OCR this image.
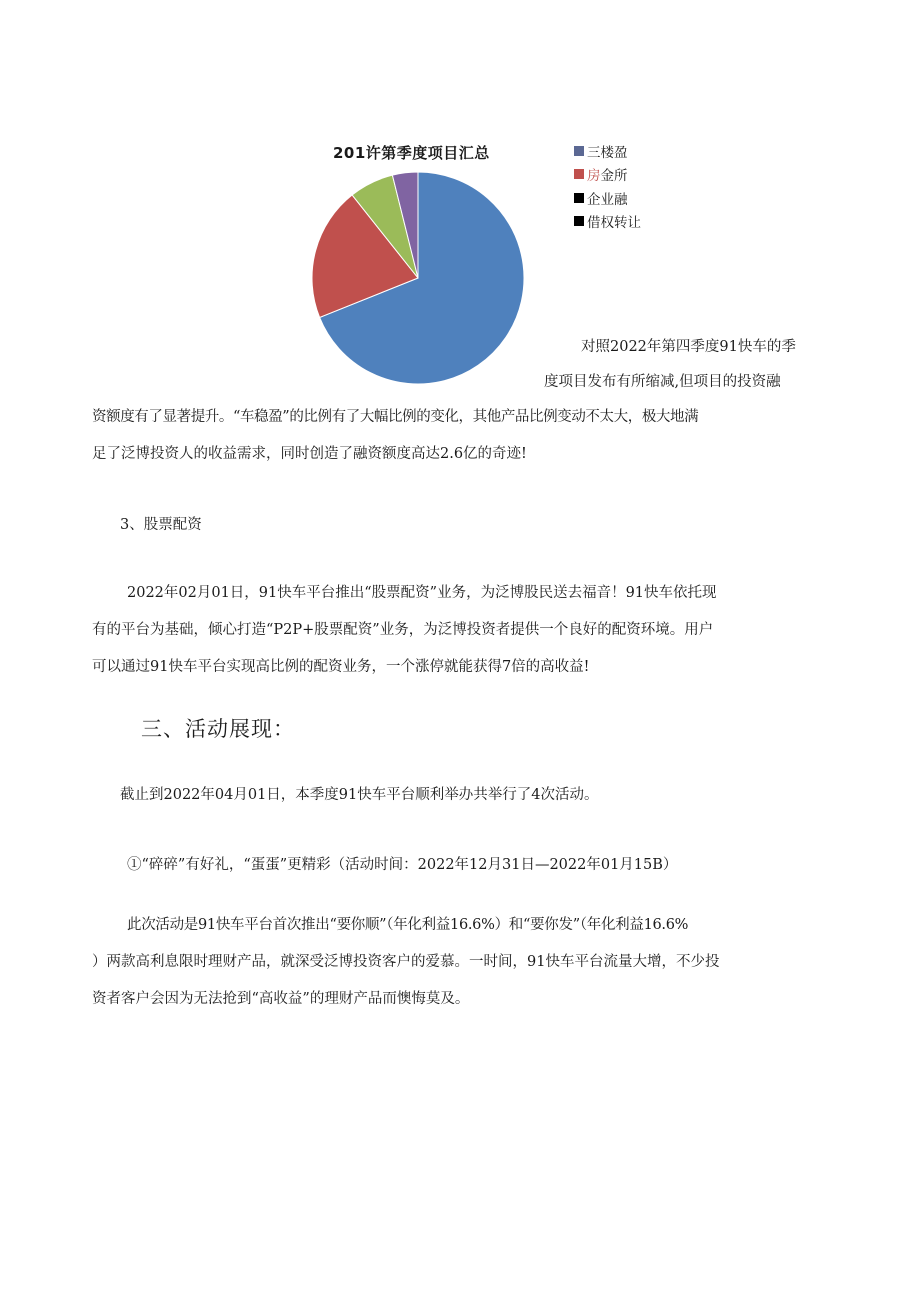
201许第季度项目汇总	三楼盈
房金所
企业融
借权转让
对照2022年第四季度91快车的季
度项目发布有所缩减,但项目的投资融
资额度有了显著提升。“车稳盈”的比例有了大幅比例的变化，其他产品比例变动不太大，极大地满
足了泛博投资人的收益需求，同时创造了融资额度高达2.6亿的奇迹!
3、股票配资
2022年02月01日，91快车平台推出“股票配资”业务，为泛博股民送去福音！91快车依托现
有的平台为基础，倾心打造“P2P+股票配资”业务，为泛博投资者提供一个良好的配资环境。用户
可以通过91快车平台实现高比例的配资业务，一个涨停就能获得7倍的高收益!
三、活动展现：
截止到2022年04月01日，本季度91快车平台顺利举办共举行了4次活动。
①“碎碎”有好礼，“蛋蛋”更精彩（活动时间：2022年12月31日—2022年01月15B）
此次活动是91快车平台首次推出“要你顺”（年化利益16.6%）和“要你发”（年化利益16.6%
）两款高利息限时理财产品，就深受泛博投资客户的爱慕。一时间，91快车平台流量大增，不少投
资者客户会因为无法抢到“高收益”的理财产品而懊悔莫及。
